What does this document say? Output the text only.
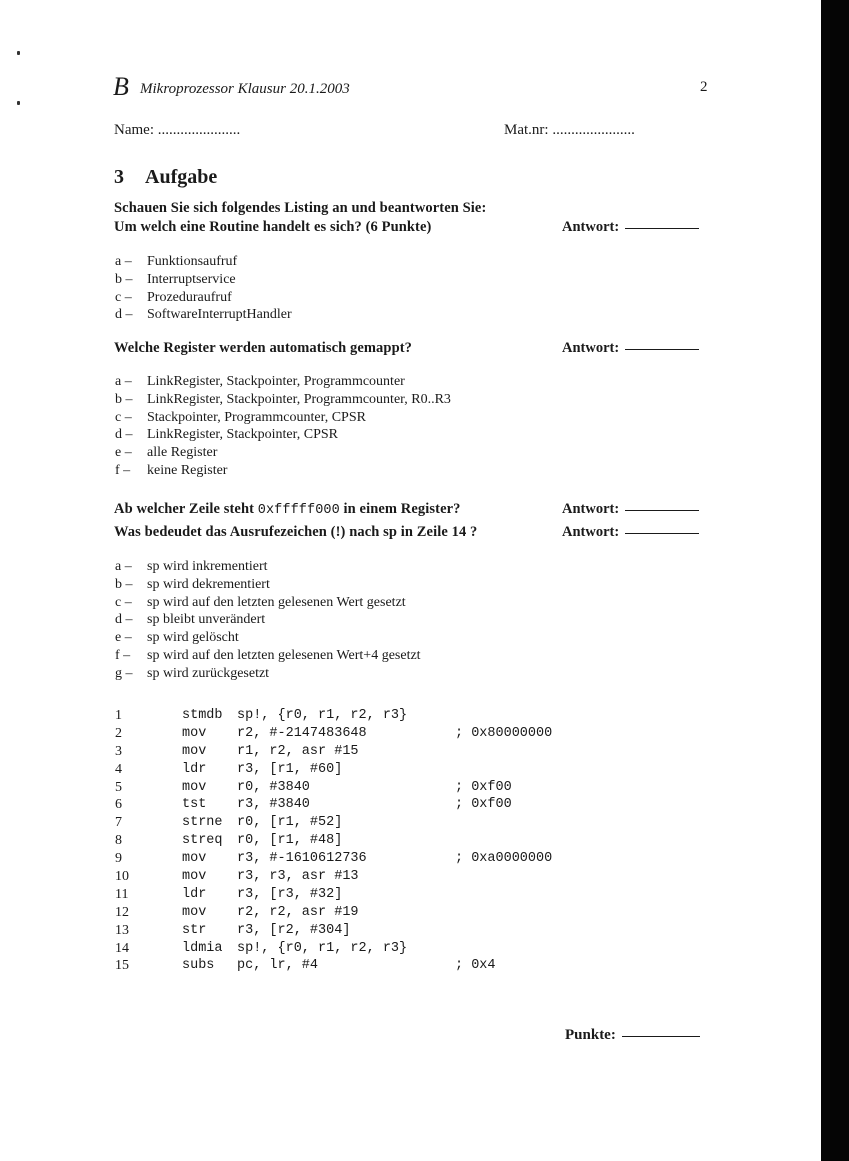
B Mikroprozessor Klausur 20.1.2003	2
Name: ......................	Mat.nr: ......................
3 Aufgabe
Schauen Sie sich folgendes Listing an und beantworten Sie:
Um welch eine Routine handelt es sich? (6 Punkte)	Antwort:
a –	Funktionsaufruf
b –	Interruptservice
c –	Prozeduraufruf
d –	SoftwareInterruptHandler
Welche Register werden automatisch gemappt?	Antwort:
a –	LinkRegister, Stackpointer, Programmcounter
b –	LinkRegister, Stackpointer, Programmcounter, R0..R3
c –	Stackpointer, Programmcounter, CPSR
d –	LinkRegister, Stackpointer, CPSR
e –	alle Register
f –	keine Register
Ab welcher Zeile steht 0xfffff000 in einem Register?	Antwort:
Was bedeudet das Ausrufezeichen (!) nach sp in Zeile 14 ?	Antwort:
a –	sp wird inkrementiert
b –	sp wird dekrementiert
c –	sp wird auf den letzten gelesenen Wert gesetzt
d –	sp bleibt unverändert
e –	sp wird gelöscht
f –	sp wird auf den letzten gelesenen Wert+4 gesetzt
g –	sp wird zurückgesetzt
1	stmdb	sp!, {r0, r1, r2, r3}
2	mov	r2, #-2147483648	; 0x80000000
3	mov	r1, r2, asr #15
4	ldr	r3, [r1, #60]
5	mov	r0, #3840	; 0xf00
6	tst	r3, #3840	; 0xf00
7	strne	r0, [r1, #52]
8	streq	r0, [r1, #48]
9	mov	r3, #-1610612736	; 0xa0000000
10	mov	r3, r3, asr #13
11	ldr	r3, [r3, #32]
12	mov	r2, r2, asr #19
13	str	r3, [r2, #304]
14	ldmia	sp!, {r0, r1, r2, r3}
15	subs	pc, lr, #4	; 0x4
Punkte:
